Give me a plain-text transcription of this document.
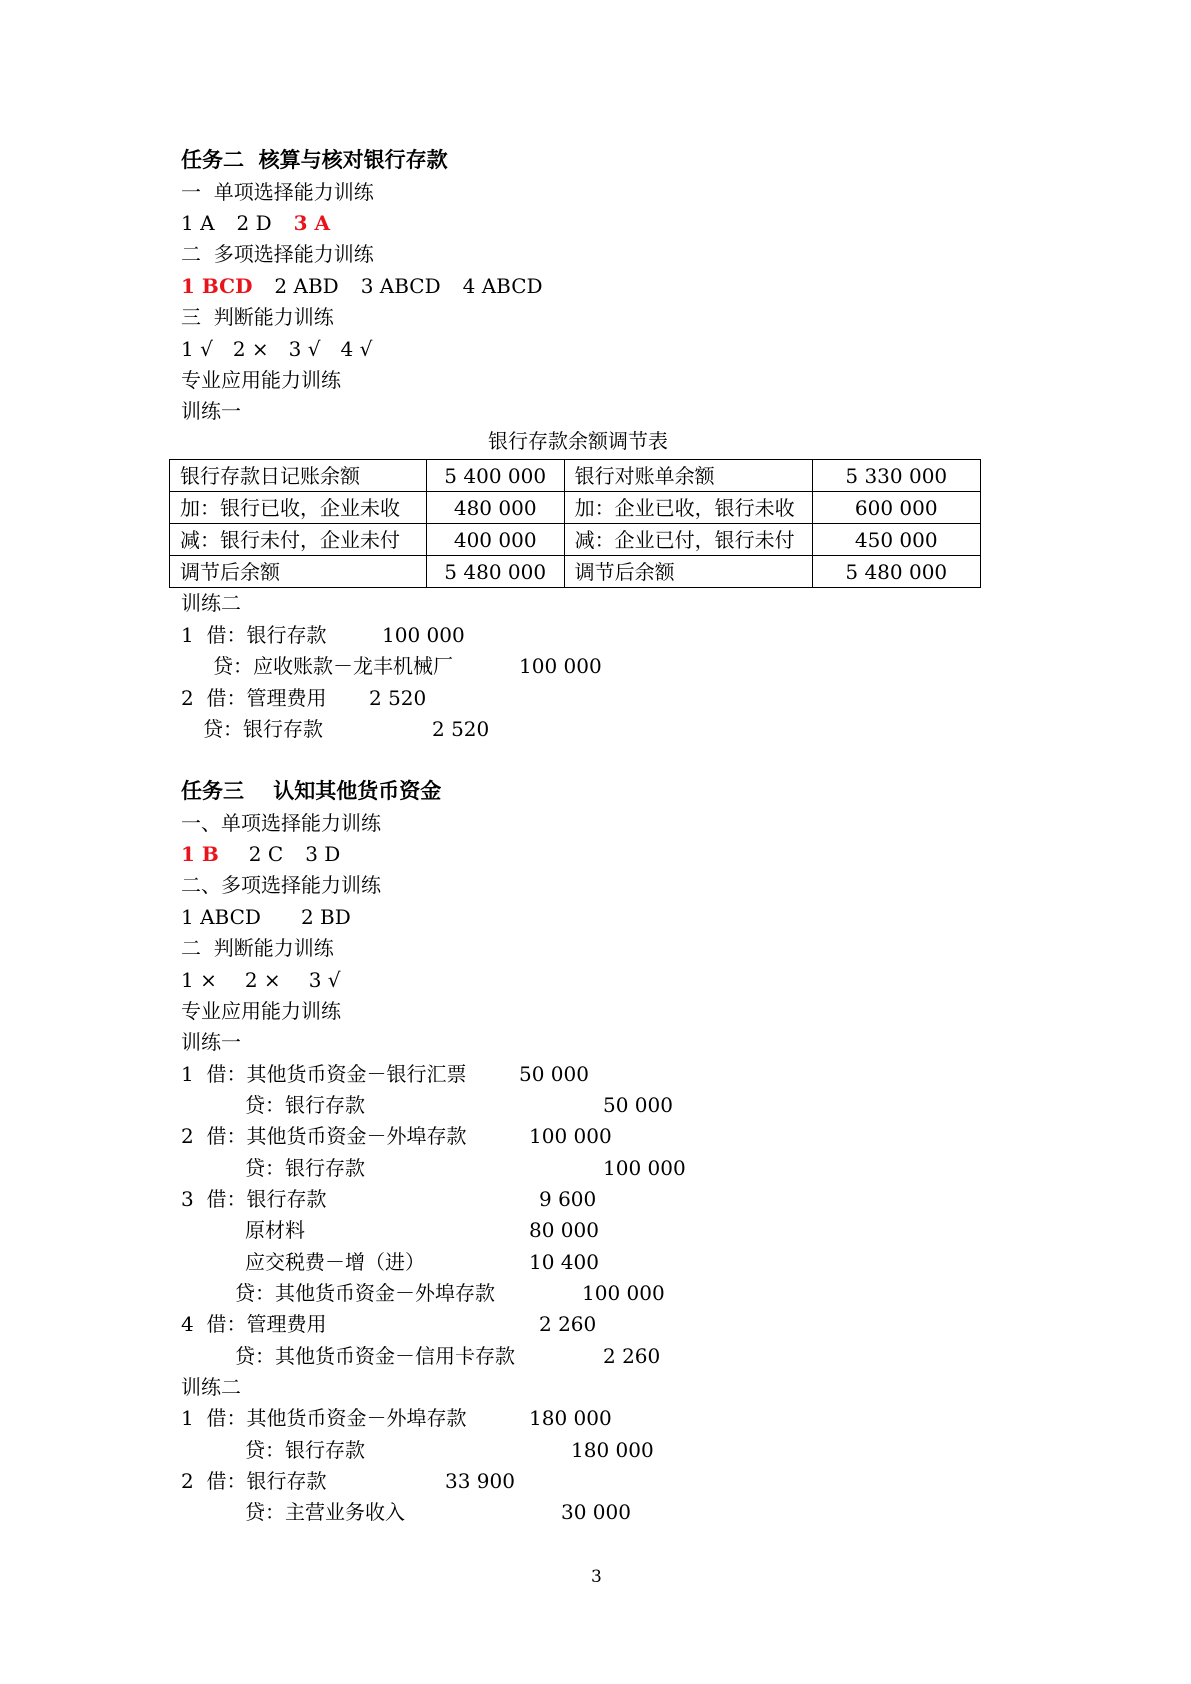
任务二  核算与核对银行存款
一  单项选择能力训练
1 A 2 D 3 A
二  多项选择能力训练
1 BCD 2 ABD 3 ABCD 4 ABCD
三  判断能力训练
1 √ 2 × 3 √ 4 √
专业应用能力训练
训练一
银行存款余额调节表
银行存款日记账余额	5 400 000	银行对账单余额	5 330 000
加：银行已收，企业未收	480 000	加：企业已收，银行未收	600 000
减：银行未付，企业未付	400 000	减：企业已付，银行未付	450 000
调节后余额	5 480 000	调节后余额	5 480 000
训练二
1  借：银行存款	100 000
贷：应收账款－龙丰机械厂	100 000
2  借：管理费用 2 520
贷：银行存款	2 520
任务三    认知其他货币资金
一、单项选择能力训练
1 B 2 C 3 D
二、多项选择能力训练
1 ABCD 2 BD
二  判断能力训练
1 × 2 × 3 √
专业应用能力训练
训练一
1  借：其他货币资金－银行汇票	50 000
贷：银行存款	50 000
2  借：其他货币资金－外埠存款	100 000
贷：银行存款	100 000
3  借：银行存款	9 600
原材料	80 000
应交税费－增（进）	10 400
贷：其他货币资金－外埠存款	100 000
4  借：管理费用	2 260
贷：其他货币资金－信用卡存款	2 260
训练二
1  借：其他货币资金－外埠存款	180 000
贷：银行存款	180 000
2  借：银行存款	33 900
贷：主营业务收入	30 000
3
